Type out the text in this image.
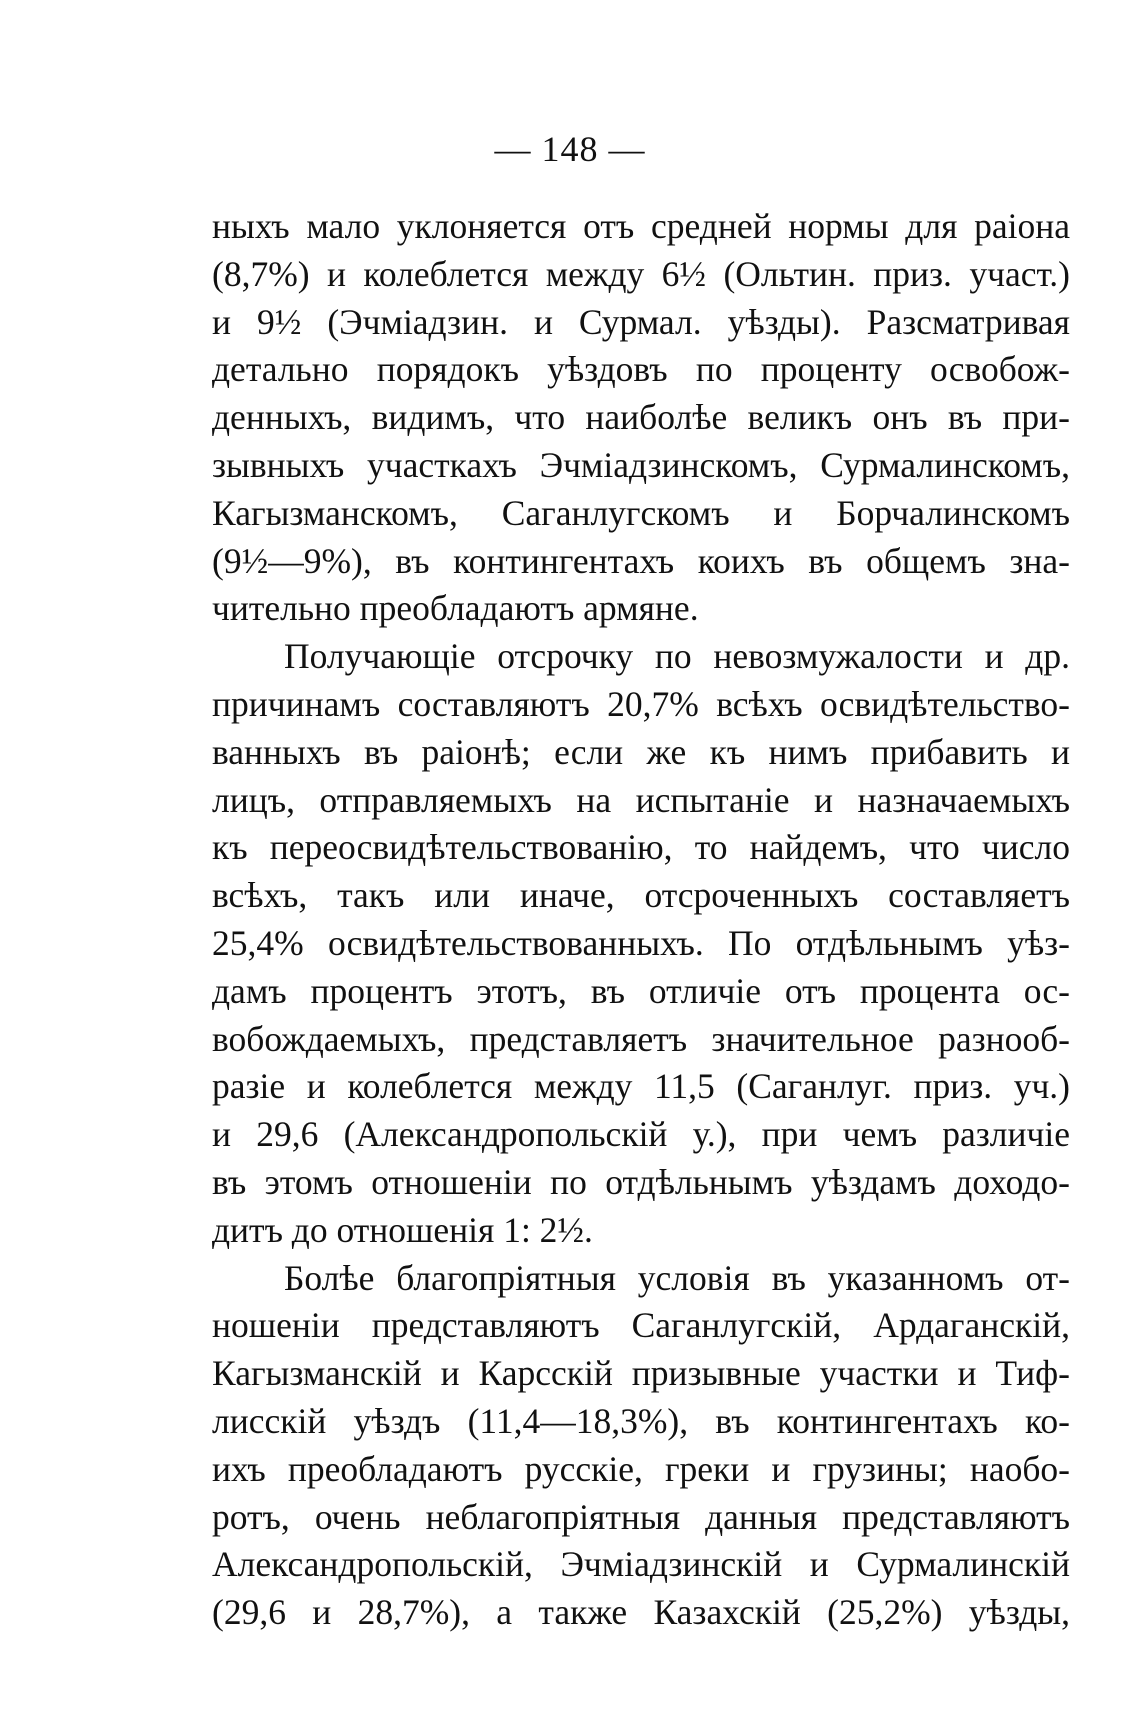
— 148 —
ныхъ мало уклоняется отъ средней нормы для раіона
(8,7%) и колеблется между 6½ (Ольтин. приз. участ.)
и 9½ (Эчміадзин. и Сурмал. уѣзды). Разсматривая
детально порядокъ уѣздовъ по проценту освобож-
денныхъ, видимъ, что наиболѣе великъ онъ въ при-
зывныхъ участкахъ Эчміадзинскомъ, Сурмалинскомъ,
Кагызманскомъ, Саганлугскомъ и Борчалинскомъ
(9½—9%), въ контингентахъ коихъ въ общемъ зна-
чительно преобладаютъ армяне.
Получающіе отсрочку по невозмужалости и др.
причинамъ составляютъ 20,7% всѣхъ освидѣтельство-
ванныхъ въ раіонѣ; если же къ нимъ прибавить и
лицъ, отправляемыхъ на испытаніе и назначаемыхъ
къ переосвидѣтельствованію, то найдемъ, что число
всѣхъ, такъ или иначе, отсроченныхъ составляетъ
25,4% освидѣтельствованныхъ. По отдѣльнымъ уѣз-
дамъ процентъ этотъ, въ отличіе отъ процента ос-
вобождаемыхъ, представляетъ значительное разнооб-
разіе и колеблется между 11,5 (Саганлуг. приз. уч.)
и 29,6 (Александропольскій у.), при чемъ различіе
въ этомъ отношеніи по отдѣльнымъ уѣздамъ доходо-
дитъ до отношенія 1: 2½.
Болѣе благопріятныя условія въ указанномъ от-
ношеніи представляютъ Саганлугскій, Ардаганскій,
Кагызманскій и Карсскій призывные участки и Тиф-
лисскій уѣздъ (11,4—18,3%), въ контингентахъ ко-
ихъ преобладаютъ русскіе, греки и грузины; наобо-
ротъ, очень неблагопріятныя данныя представляютъ
Александропольскій, Эчміадзинскій и Сурмалинскій
(29,6 и 28,7%), а также Казахскій (25,2%) уѣзды,
